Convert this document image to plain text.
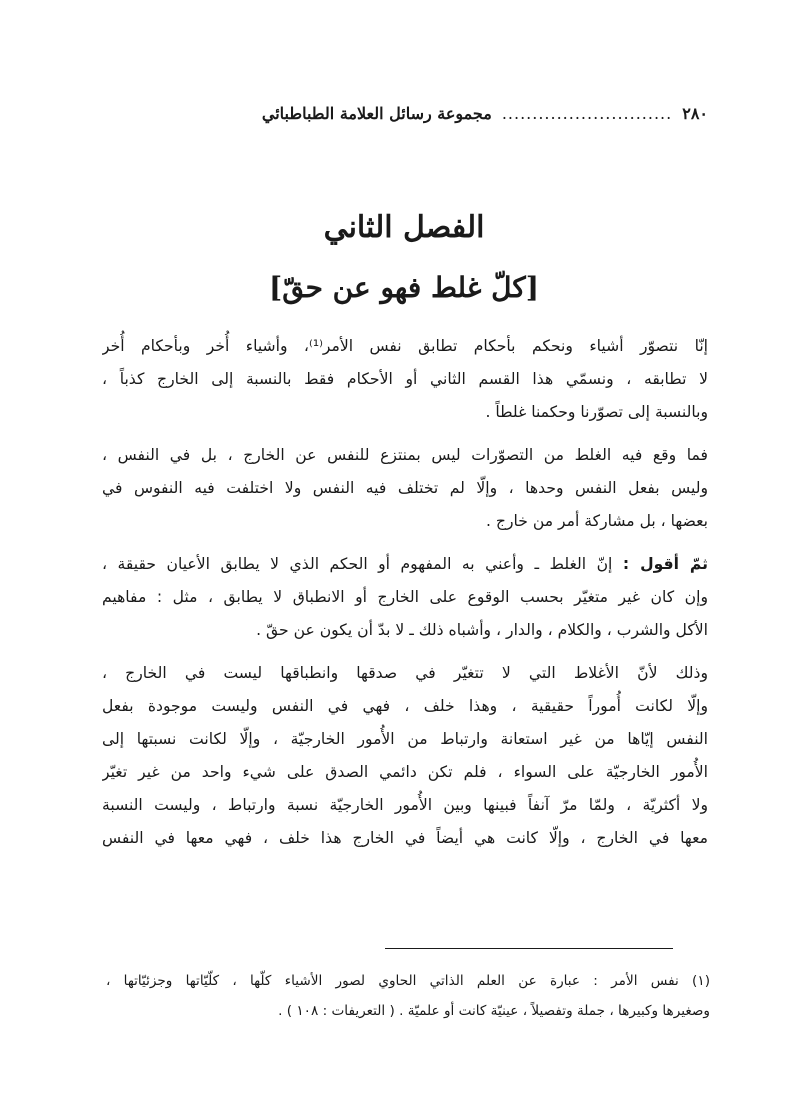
٢٨٠
............................
مجموعة رسائل العلامة الطباطبائي
الفصل الثاني
[كلّ غلط فهو عن حقّ]
إنّا نتصوّر أشياء ونحكم بأحكام تطابق نفس الأمر⁽¹⁾، وأشياء أُخر وبأحكام أُخر
لا تطابقه ، ونسمّي هذا القسم الثاني أو الأحكام فقط بالنسبة إلى الخارج كذباً ،
وبالنسبة إلى تصوّرنا وحكمنا غلطاً .
فما وقع فيه الغلط من التصوّرات ليس بمنتزع للنفس عن الخارج ، بل في النفس ،
وليس بفعل النفس وحدها ، وإلّا لم تختلف فيه النفس ولا اختلفت فيه النفوس في
بعضها ، بل مشاركة أمر من خارج .
ثمّ أقول : إنّ الغلط ـ وأعني به المفهوم أو الحكم الذي لا يطابق الأعيان حقيقة ،
وإن كان غير متغيّر بحسب الوقوع على الخارج أو الانطباق لا يطابق ، مثل : مفاهيم
الأكل والشرب ، والكلام ، والدار ، وأشباه ذلك ـ لا بدّ أن يكون عن حقّ .
وذلك لأنّ الأغلاط التي لا تتغيّر في صدقها وانطباقها ليست في الخارج ،
وإلّا لكانت أُموراً حقيقية ، وهذا خلف ، فهي في النفس وليست موجودة بفعل
النفس إيّاها من غير استعانة وارتباط من الأُمور الخارجيّة ، وإلّا لكانت نسبتها إلى
الأُمور الخارجيّة على السواء ، فلم تكن دائمي الصدق على شيء واحد من غير تغيّر
ولا أكثريّة ، ولمّا مرّ آنفاً فبينها وبين الأُمور الخارجيّة نسبة وارتباط ، وليست النسبة
معها في الخارج ، وإلّا كانت هي أيضاً في الخارج هذا خلف ، فهي معها في النفس
(١) نفس الأمر : عبارة عن العلم الذاتي الحاوي لصور الأشياء كلّها ، كلّيّاتها وجزئيّاتها ،
وصغيرها وكبيرها ، جملة وتفصيلاً ، عينيّة كانت أو علميّة . ( التعريفات : ١٠٨ ) .
